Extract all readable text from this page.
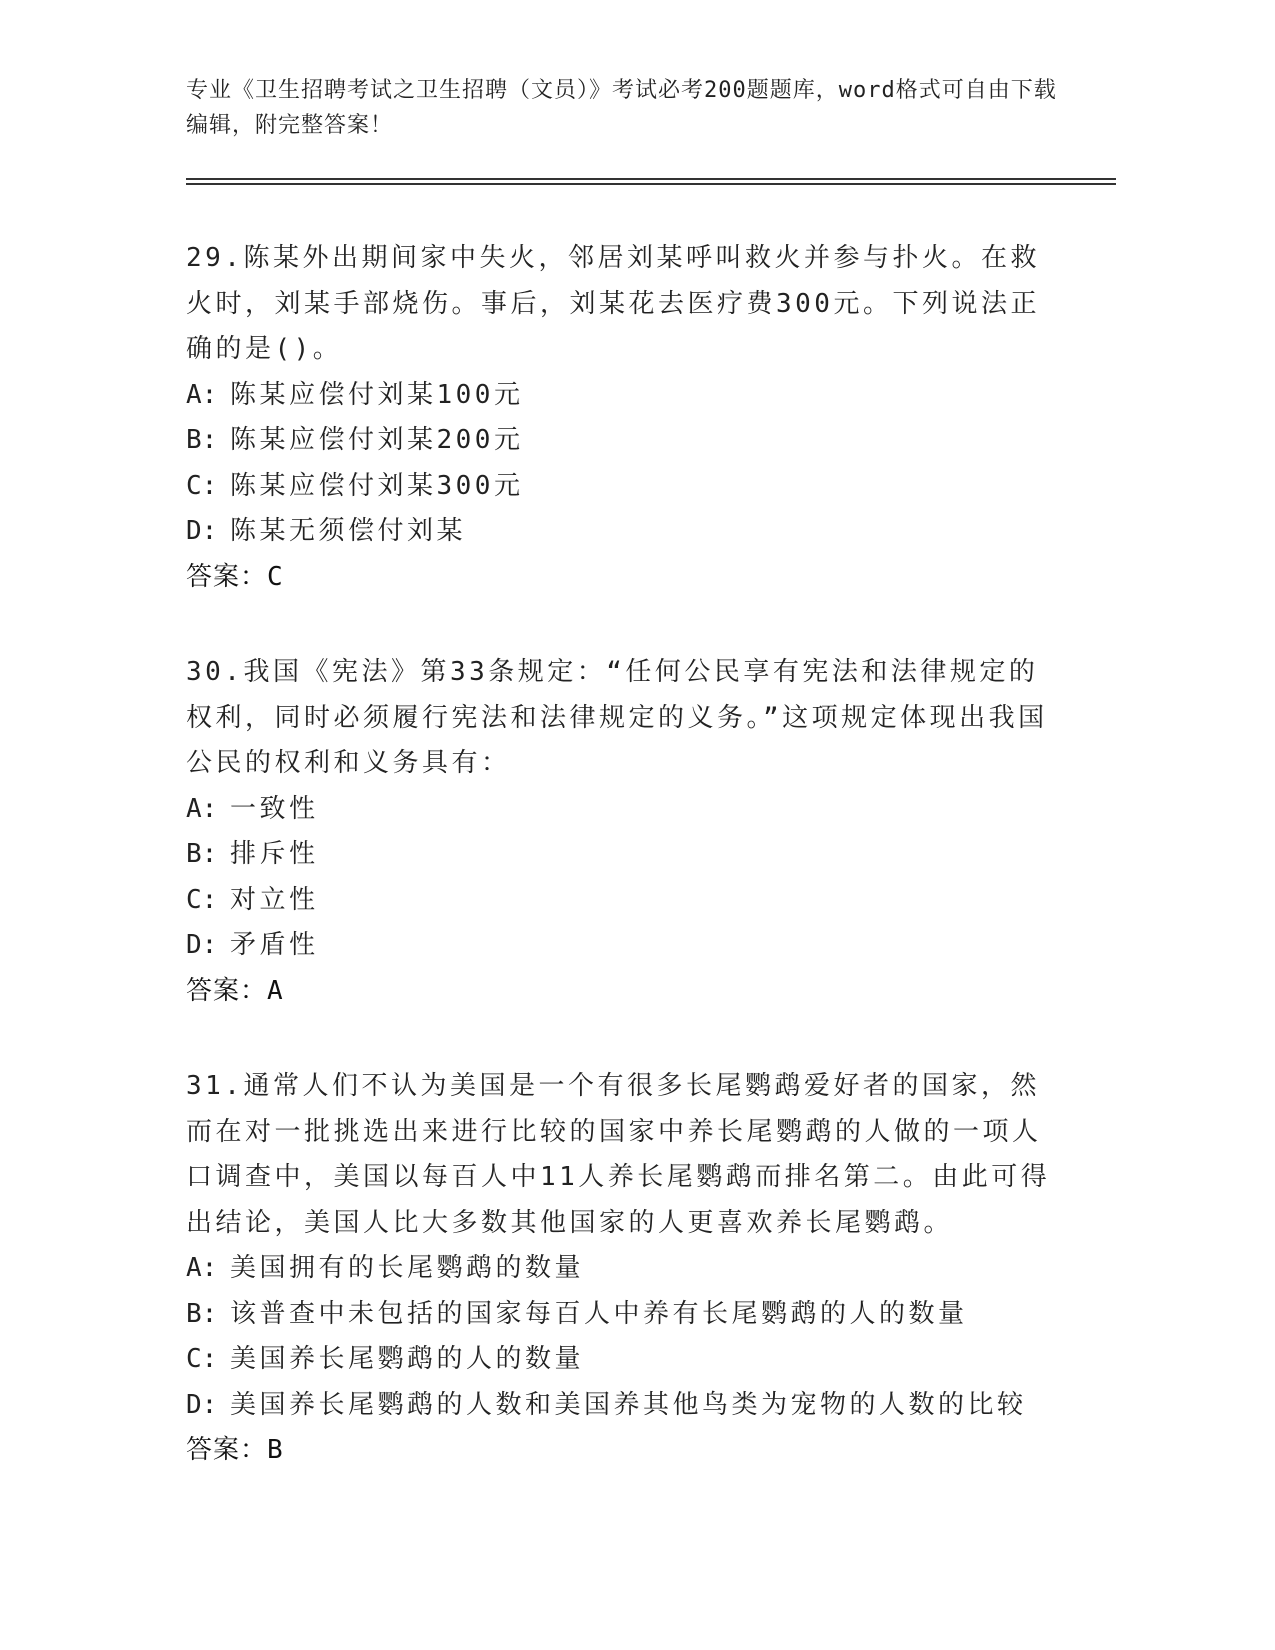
专业《卫生招聘考试之卫生招聘（文员）》考试必考200题题库，word格式可自由下载编辑，附完整答案！

29.陈某外出期间家中失火，邻居刘某呼叫救火并参与扑火。在救火时，刘某手部烧伤。事后，刘某花去医疗费300元。下列说法正确的是()。

A: 陈某应偿付刘某100元
B: 陈某应偿付刘某200元
C: 陈某应偿付刘某300元
D: 陈某无须偿付刘某
答案：C

30.我国《宪法》第33条规定：“任何公民享有宪法和法律规定的权利，同时必须履行宪法和法律规定的义务。”这项规定体现出我国公民的权利和义务具有：

A: 一致性
B: 排斥性
C: 对立性
D: 矛盾性
答案：A

31.通常人们不认为美国是一个有很多长尾鹦鹉爱好者的国家，然而在对一批挑选出来进行比较的国家中养长尾鹦鹉的人做的一项人口调查中，美国以每百人中11人养长尾鹦鹉而排名第二。由此可得出结论，美国人比大多数其他国家的人更喜欢养长尾鹦鹉。

A: 美国拥有的长尾鹦鹉的数量
B: 该普查中未包括的国家每百人中养有长尾鹦鹉的人的数量
C: 美国养长尾鹦鹉的人的数量
D: 美国养长尾鹦鹉的人数和美国养其他鸟类为宠物的人数的比较
答案：B
